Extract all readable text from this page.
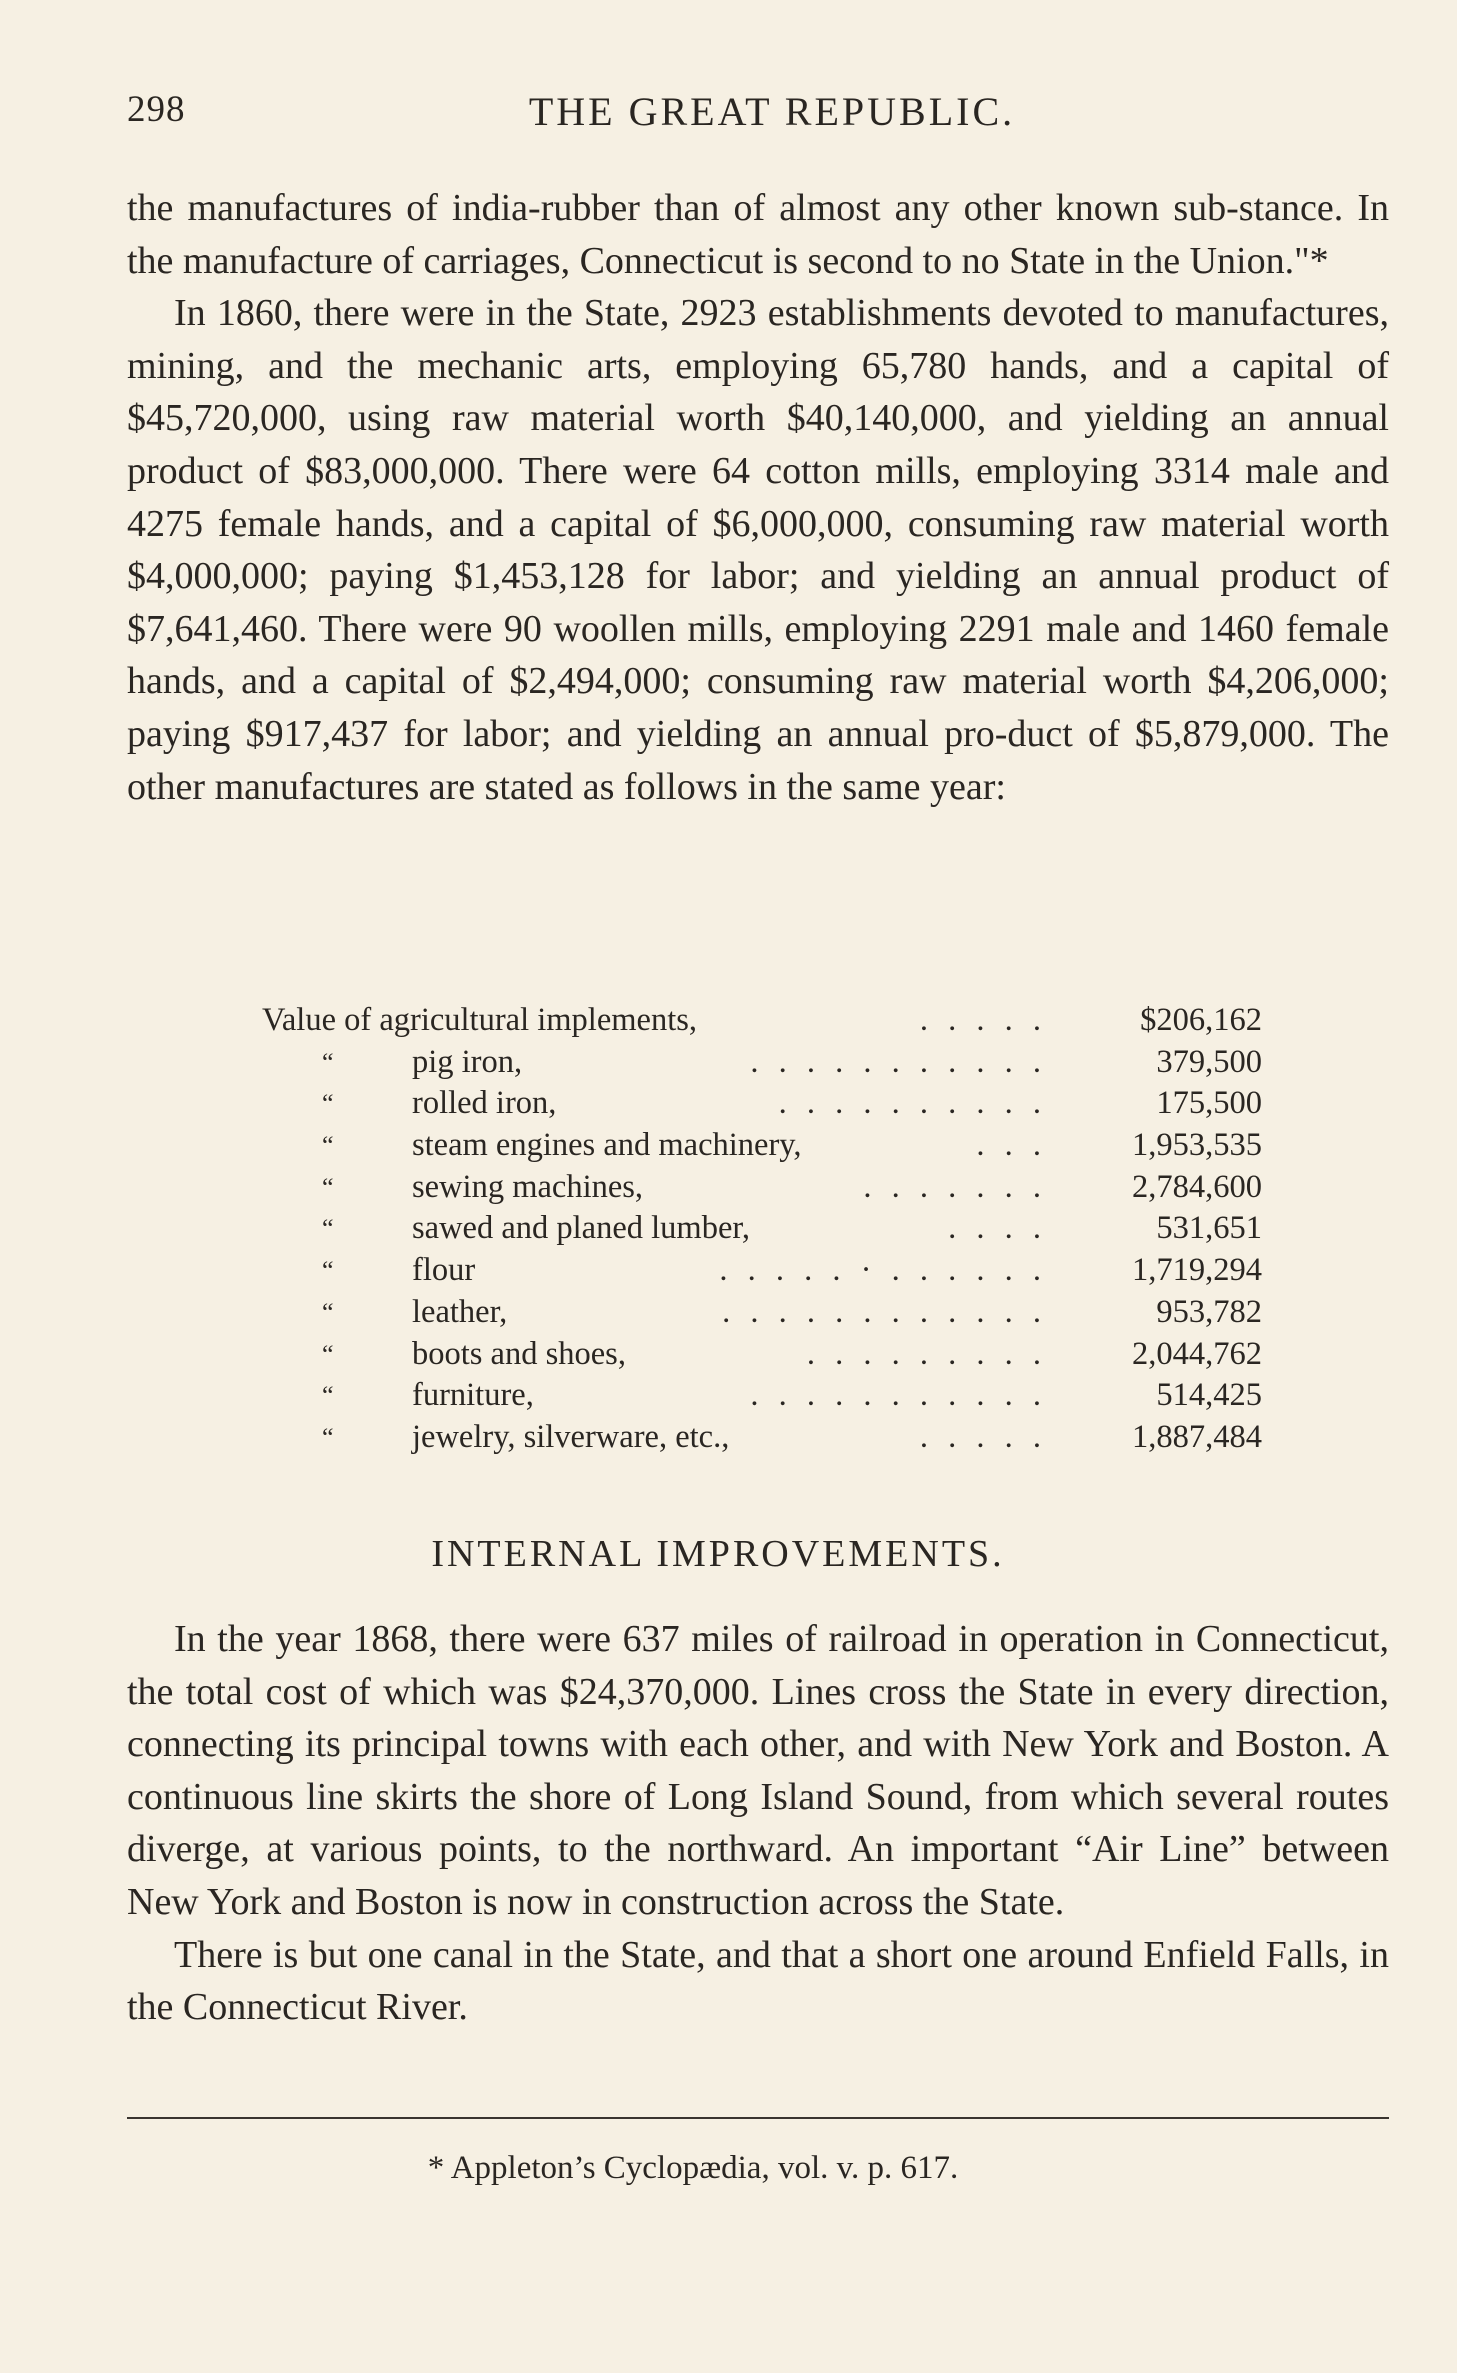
298	THE GREAT REPUBLIC.

the manufactures of india-rubber than of almost any other known sub-stance. In the manufacture of carriages, Connecticut is second to no State in the Union."*

In 1860, there were in the State, 2923 establishments devoted to manufactures, mining, and the mechanic arts, employing 65,780 hands, and a capital of $45,720,000, using raw material worth $40,140,000, and yielding an annual product of $83,000,000. There were 64 cotton mills, employing 3314 male and 4275 female hands, and a capital of $6,000,000, consuming raw material worth $4,000,000; paying $1,453,128 for labor; and yielding an annual product of $7,641,460. There were 90 woollen mills, employing 2291 male and 1460 female hands, and a capital of $2,494,000; consuming raw material worth $4,206,000; paying $917,437 for labor; and yielding an annual pro-duct of $5,879,000. The other manufactures are stated as follows in the same year:

Value of agricultural implements,	. . . . .	$206,162
“ pig iron,	. . . . . . . . . . .	379,500
“ rolled iron,	. . . . . . . . . .	175,500
“ steam engines and machinery,	. . .	1,953,535
“ sewing machines,	. . . . . . .	2,784,600
“ sawed and planed lumber,	. . . .	531,651
“ flour	. . . . . · . . . . . .	1,719,294
“ leather,	. . . . . . . . . . . .	953,782
“ boots and shoes,	. . . . . . . . .	2,044,762
“ furniture,	. . . . . . . . . . .	514,425
“ jewelry, silverware, etc.,	. . . . .	1,887,484
INTERNAL IMPROVEMENTS.

In the year 1868, there were 637 miles of railroad in operation in Connecticut, the total cost of which was $24,370,000. Lines cross the State in every direction, connecting its principal towns with each other, and with New York and Boston. A continuous line skirts the shore of Long Island Sound, from which several routes diverge, at various points, to the northward. An important “Air Line” between New York and Boston is now in construction across the State.

There is but one canal in the State, and that a short one around Enfield Falls, in the Connecticut River.

* Appleton’s Cyclopædia, vol. v. p. 617.
